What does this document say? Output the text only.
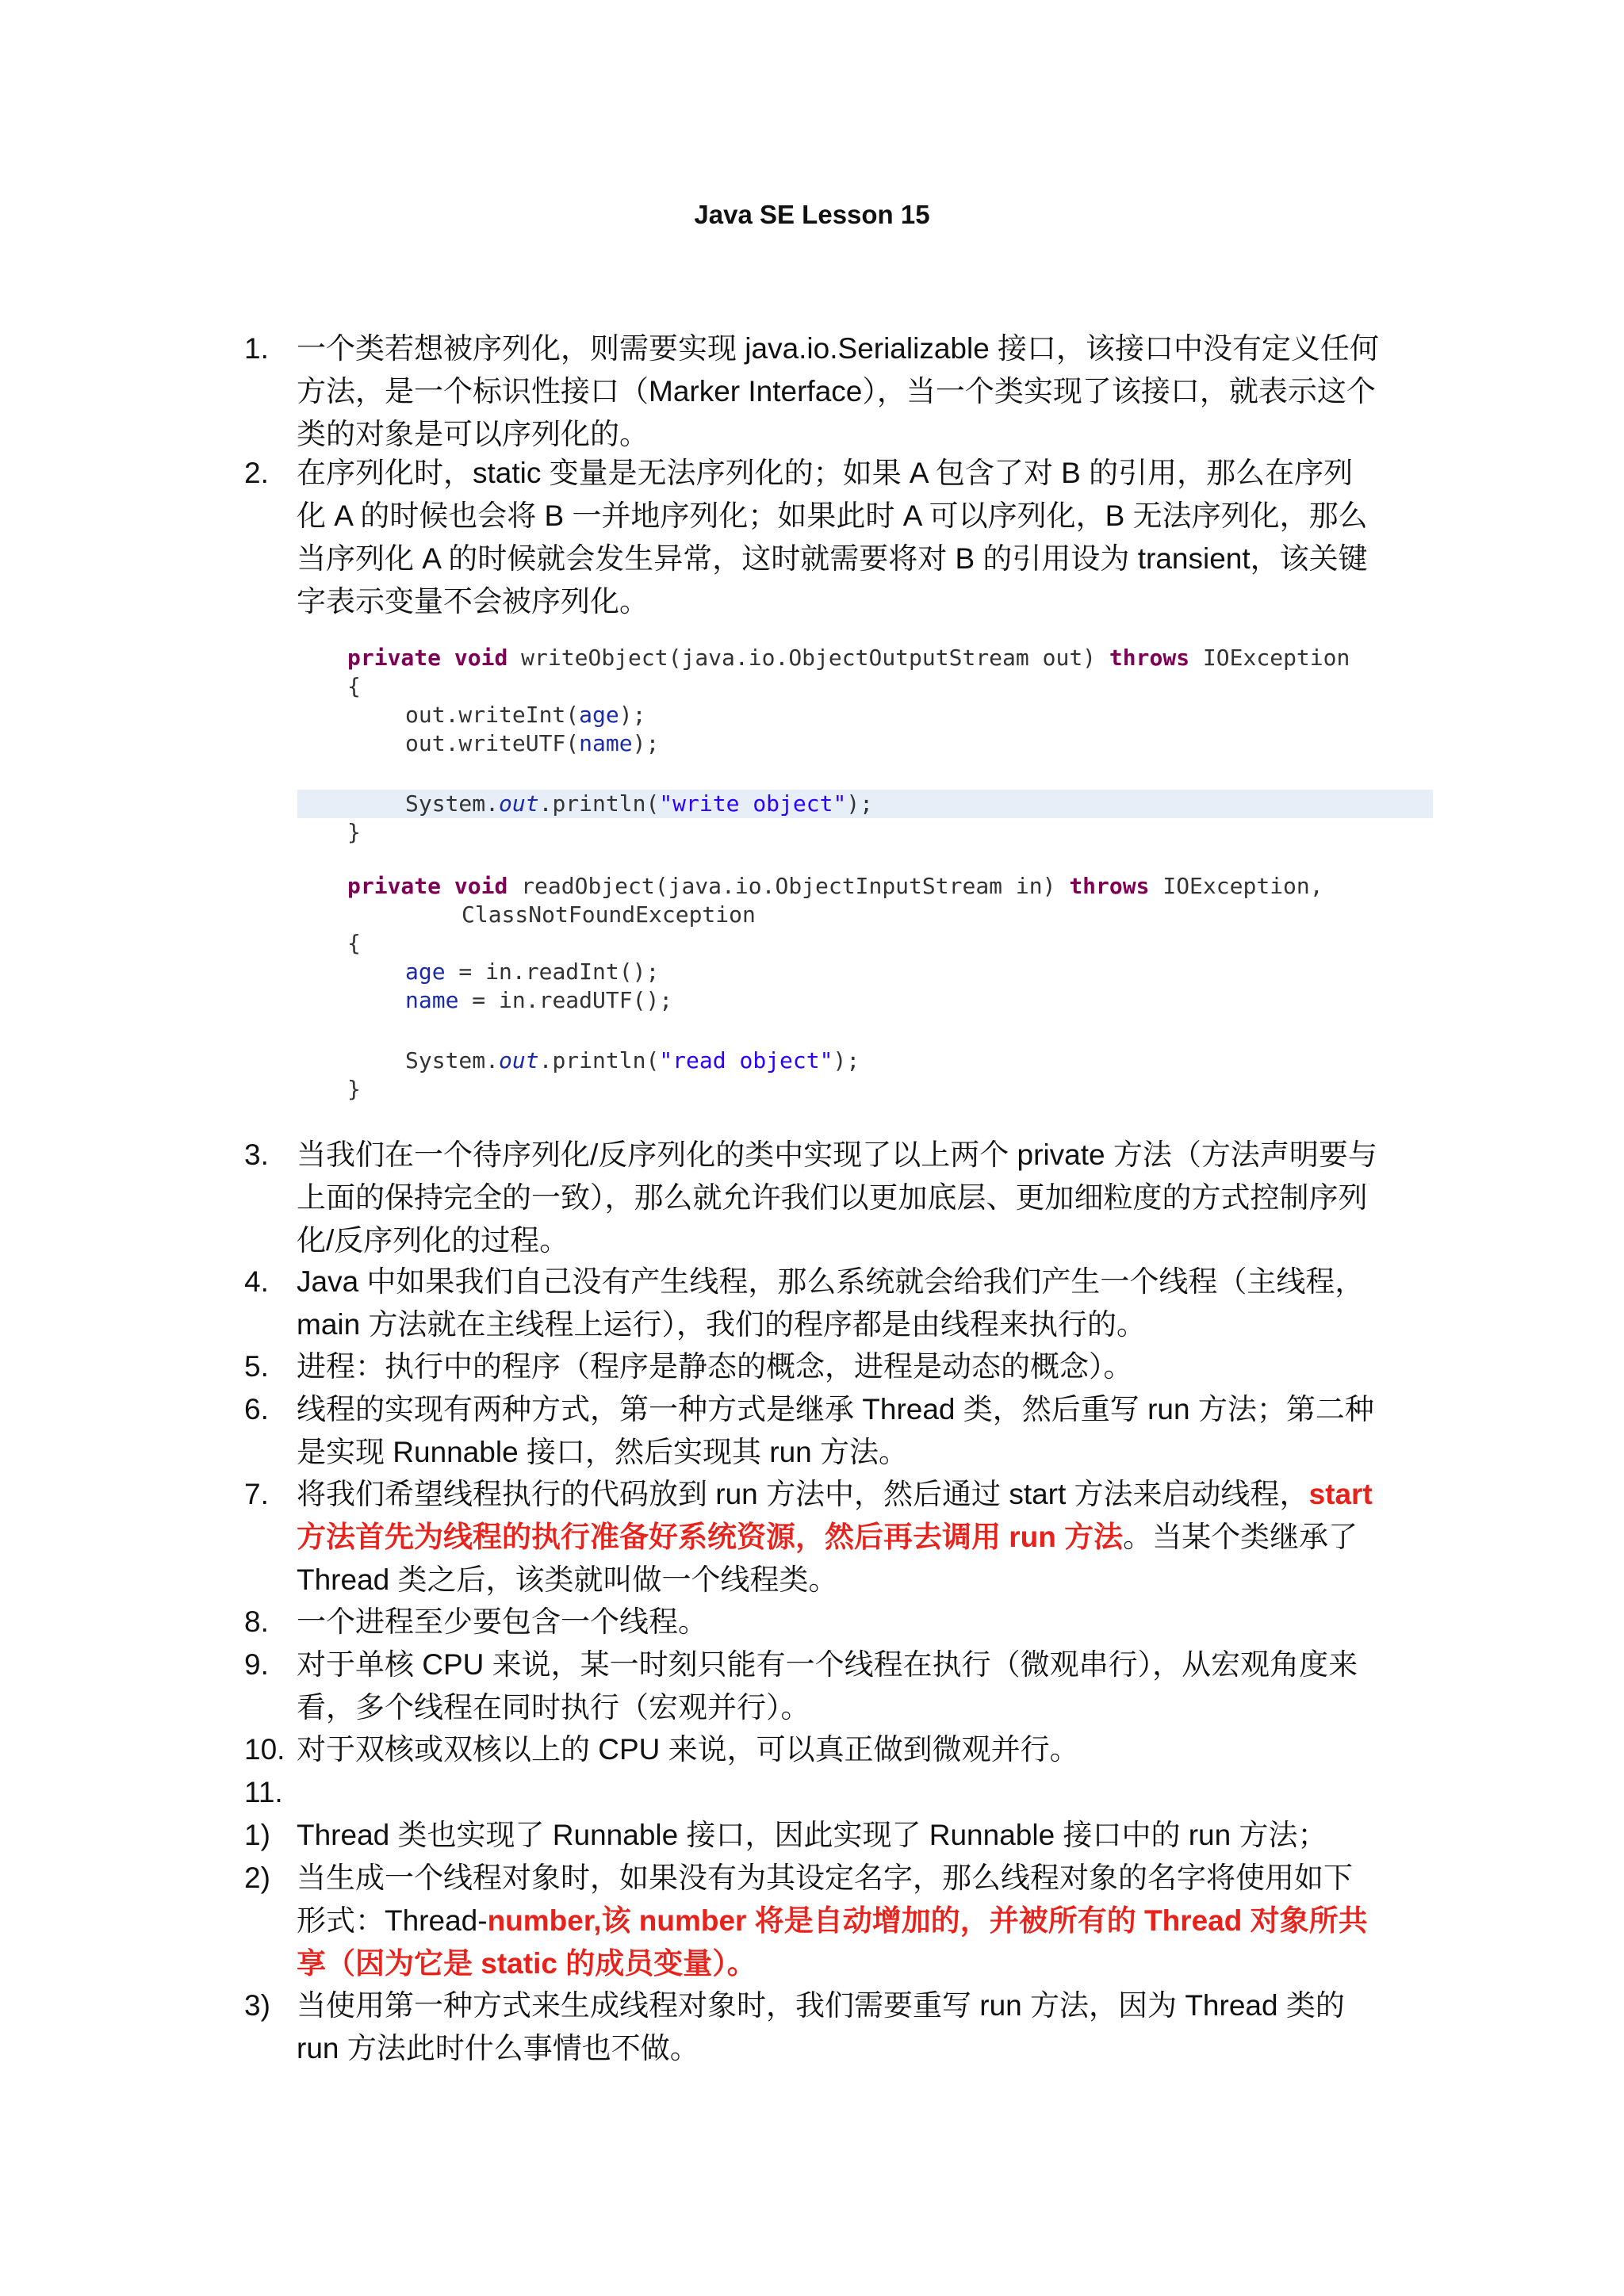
Java SE Lesson 15
1. 一个类若想被序列化，则需要实现 java.io.Serializable 接口，该接口中没有定义任何方法，是一个标识性接口（Marker Interface），当一个类实现了该接口，就表示这个类的对象是可以序列化的。
2. 在序列化时，static 变量是无法序列化的；如果 A 包含了对 B 的引用，那么在序列化 A 的时候也会将 B 一并地序列化；如果此时 A 可以序列化，B 无法序列化，那么当序列化 A 的时候就会发生异常，这时就需要将对 B 的引用设为 transient，该关键字表示变量不会被序列化。
private void writeObject(java.io.ObjectOutputStream out) throws IOException
{
out.writeInt(age);
out.writeUTF(name);
System.out.println("write object");
}
private void readObject(java.io.ObjectInputStream in) throws IOException,
ClassNotFoundException
{
age = in.readInt();
name = in.readUTF();
System.out.println("read object");
}
3. 当我们在一个待序列化/反序列化的类中实现了以上两个 private 方法（方法声明要与上面的保持完全的一致），那么就允许我们以更加底层、更加细粒度的方式控制序列化/反序列化的过程。
4. Java 中如果我们自己没有产生线程，那么系统就会给我们产生一个线程（主线程，main 方法就在主线程上运行），我们的程序都是由线程来执行的。
5. 进程：执行中的程序（程序是静态的概念，进程是动态的概念）。
6. 线程的实现有两种方式，第一种方式是继承 Thread 类，然后重写 run 方法；第二种是实现 Runnable 接口，然后实现其 run 方法。
7. 将我们希望线程执行的代码放到 run 方法中，然后通过 start 方法来启动线程，start 方法首先为线程的执行准备好系统资源，然后再去调用 run 方法。当某个类继承了 Thread 类之后，该类就叫做一个线程类。
8. 一个进程至少要包含一个线程。
9. 对于单核 CPU 来说，某一时刻只能有一个线程在执行（微观串行），从宏观角度来看，多个线程在同时执行（宏观并行）。
10. 对于双核或双核以上的 CPU 来说，可以真正做到微观并行。
11.
1) Thread 类也实现了 Runnable 接口，因此实现了 Runnable 接口中的 run 方法；
2) 当生成一个线程对象时，如果没有为其设定名字，那么线程对象的名字将使用如下形式：Thread-number,该 number 将是自动增加的，并被所有的 Thread 对象所共享（因为它是 static 的成员变量）。
3) 当使用第一种方式来生成线程对象时，我们需要重写 run 方法，因为 Thread 类的 run 方法此时什么事情也不做。
